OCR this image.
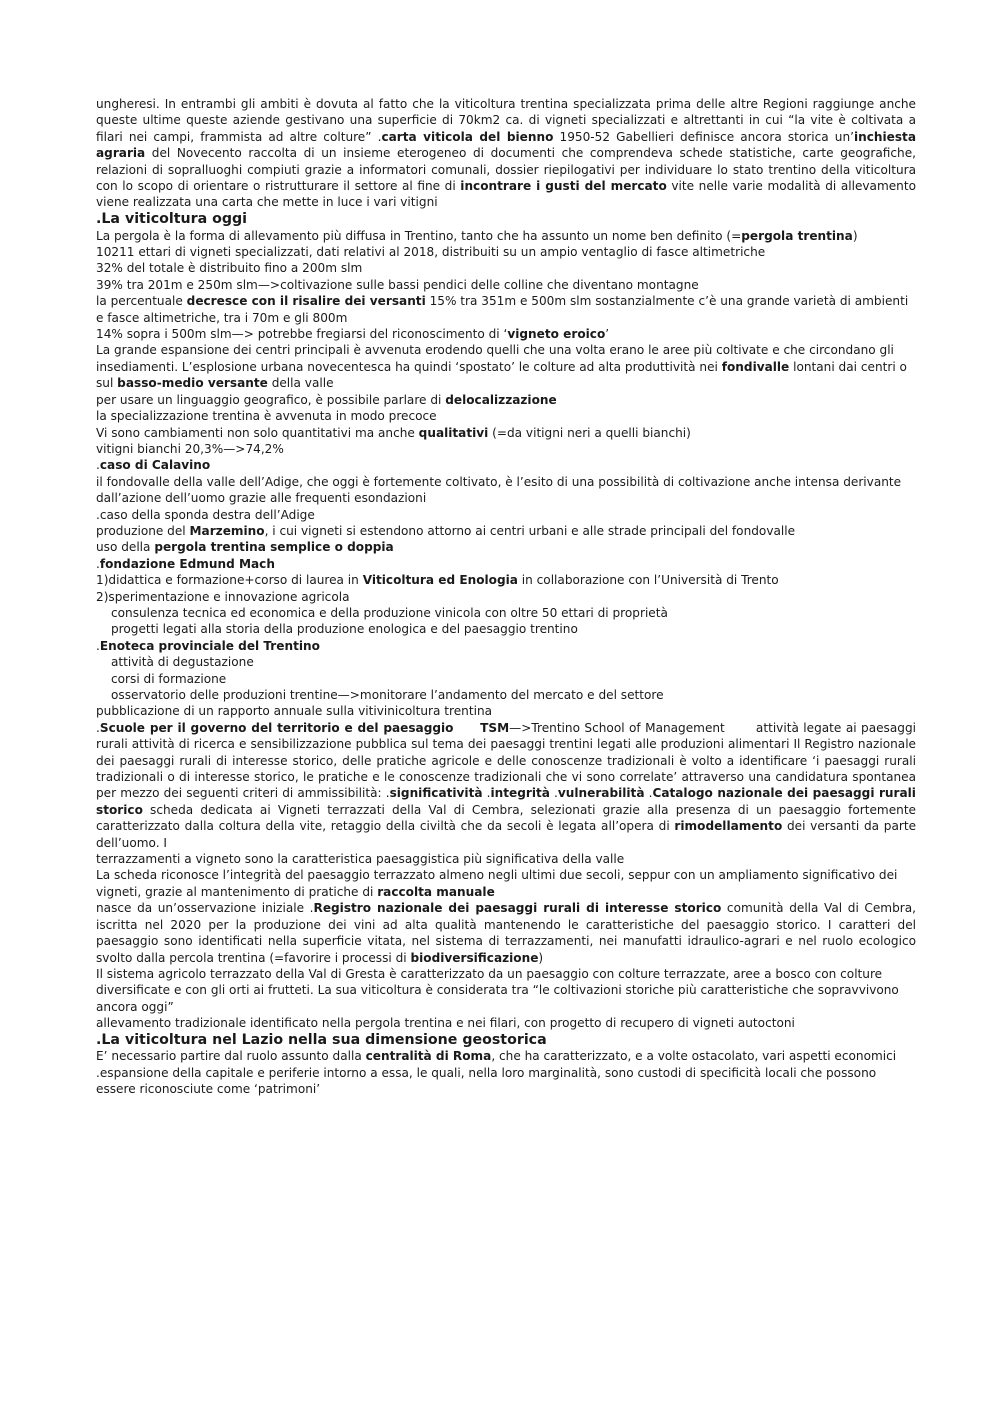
ungheresi. In entrambi gli ambiti è dovuta al fatto che la viticoltura trentina specializzata prima delle altre Regioni raggiunge anche queste ultime queste aziende gestivano una superficie di 70km2 ca. di vigneti specializzati e altrettanti in cui “la vite è coltivata a filari nei campi, frammista ad altre colture” .carta viticola del bienno 1950-52 Gabellieri definisce ancora storica un’inchiesta agraria del Novecento raccolta di un insieme eterogeneo di documenti che comprendeva schede statistiche, carte geografiche, relazioni di sopralluoghi compiuti grazie a informatori comunali, dossier riepilogativi per individuare lo stato trentino della viticoltura con lo scopo di orientare o ristrutturare il settore al fine di incontrare i gusti del mercato vite nelle varie modalità di allevamento viene realizzata una carta che mette in luce i vari vitigni

.La viticoltura oggi

La pergola è la forma di allevamento più diffusa in Trentino, tanto che ha assunto un nome ben definito (=pergola trentina)

10211 ettari di vigneti specializzati, dati relativi al 2018, distribuiti su un ampio ventaglio di fasce altimetriche

32% del totale è distribuito fino a 200m slm

39% tra 201m e 250m slm—>coltivazione sulle bassi pendici delle colline che diventano montagne

la percentuale decresce con il risalire dei versanti 15% tra 351m e 500m slm sostanzialmente c’è una grande varietà di ambienti e fasce altimetriche, tra i 70m e gli 800m

14% sopra i 500m slm—> potrebbe fregiarsi del riconoscimento di ‘vigneto eroico’

La grande espansione dei centri principali è avvenuta erodendo quelli che una volta erano le aree più coltivate e che circondano gli insediamenti. L’esplosione urbana novecentesca ha quindi ‘spostato’ le colture ad alta produttività nei fondivalle lontani dai centri o sul basso-medio versante della valle

per usare un linguaggio geografico, è possibile parlare di delocalizzazione

la specializzazione trentina è avvenuta in modo precoce

Vi sono cambiamenti non solo quantitativi ma anche qualitativi (=da vitigni neri a quelli bianchi)

vitigni bianchi 20,3%—>74,2%

.caso di Calavino

il fondovalle della valle dell’Adige, che oggi è fortemente coltivato, è l’esito di una possibilità di coltivazione anche intensa derivante dall’azione dell’uomo grazie alle frequenti esondazioni

.caso della sponda destra dell’Adige

produzione del Marzemino, i cui vigneti si estendono attorno ai centri urbani e alle strade principali del fondovalle

uso della pergola trentina semplice o doppia

.fondazione Edmund Mach

1)didattica e formazione+corso di laurea in Viticoltura ed Enologia in collaborazione con l’Università di Trento

2)sperimentazione e innovazione agricola

consulenza tecnica ed economica e della produzione vinicola con oltre 50 ettari di proprietà

progetti legati alla storia della produzione enologica e del paesaggio trentino

.Enoteca provinciale del Trentino

attività di degustazione

corsi di formazione

osservatorio delle produzioni trentine—>monitorare l’andamento del mercato e del settore

pubblicazione di un rapporto annuale sulla vitivinicoltura trentina

.Scuole per il governo del territorio e del paesaggio TSM—>Trentino School of Management       attività legate ai paesaggi rurali attività di ricerca e sensibilizzazione pubblica sul tema dei paesaggi trentini legati alle produzioni alimentari Il Registro nazionale dei paesaggi rurali di interesse storico, delle pratiche agricole e delle conoscenze tradizionali è volto a identificare ‘i paesaggi rurali tradizionali o di interesse storico, le pratiche e le conoscenze tradizionali che vi sono correlate’ attraverso una candidatura spontanea per mezzo dei seguenti criteri di ammissibilità: .significatività .integrità .vulnerabilità .Catalogo nazionale dei paesaggi rurali storico scheda dedicata ai Vigneti terrazzati della Val di Cembra, selezionati grazie alla presenza di un paesaggio fortemente caratterizzato dalla coltura della vite, retaggio della civiltà che da secoli è legata all’opera di rimodellamento dei versanti da parte dell’uomo. I

terrazzamenti a vigneto sono la caratteristica paesaggistica più significativa della valle

La scheda riconosce l’integrità del paesaggio terrazzato almeno negli ultimi due secoli, seppur con un ampliamento significativo dei vigneti, grazie al mantenimento di pratiche di raccolta manuale

nasce da un’osservazione iniziale .Registro nazionale dei paesaggi rurali di interesse storico comunità della Val di Cembra, iscritta nel 2020 per la produzione dei vini ad alta qualità mantenendo le caratteristiche del paesaggio storico. I caratteri del paesaggio sono identificati nella superficie vitata, nel sistema di terrazzamenti, nei manufatti idraulico-agrari e nel ruolo ecologico svolto dalla percola trentina (=favorire i processi di biodiversificazione)

Il sistema agricolo terrazzato della Val di Gresta è caratterizzato da un paesaggio con colture terrazzate, aree a bosco con colture diversificate e con gli orti ai frutteti. La sua viticoltura è considerata tra “le coltivazioni storiche più caratteristiche che sopravvivono ancora oggi”

allevamento tradizionale identificato nella pergola trentina e nei filari, con progetto di recupero di vigneti autoctoni

.La viticoltura nel Lazio nella sua dimensione geostorica

E’ necessario partire dal ruolo assunto dalla centralità di Roma, che ha caratterizzato, e a volte ostacolato, vari aspetti economici

.espansione della capitale e periferie intorno a essa, le quali, nella loro marginalità, sono custodi di specificità locali che possono essere riconosciute come ‘patrimoni’
